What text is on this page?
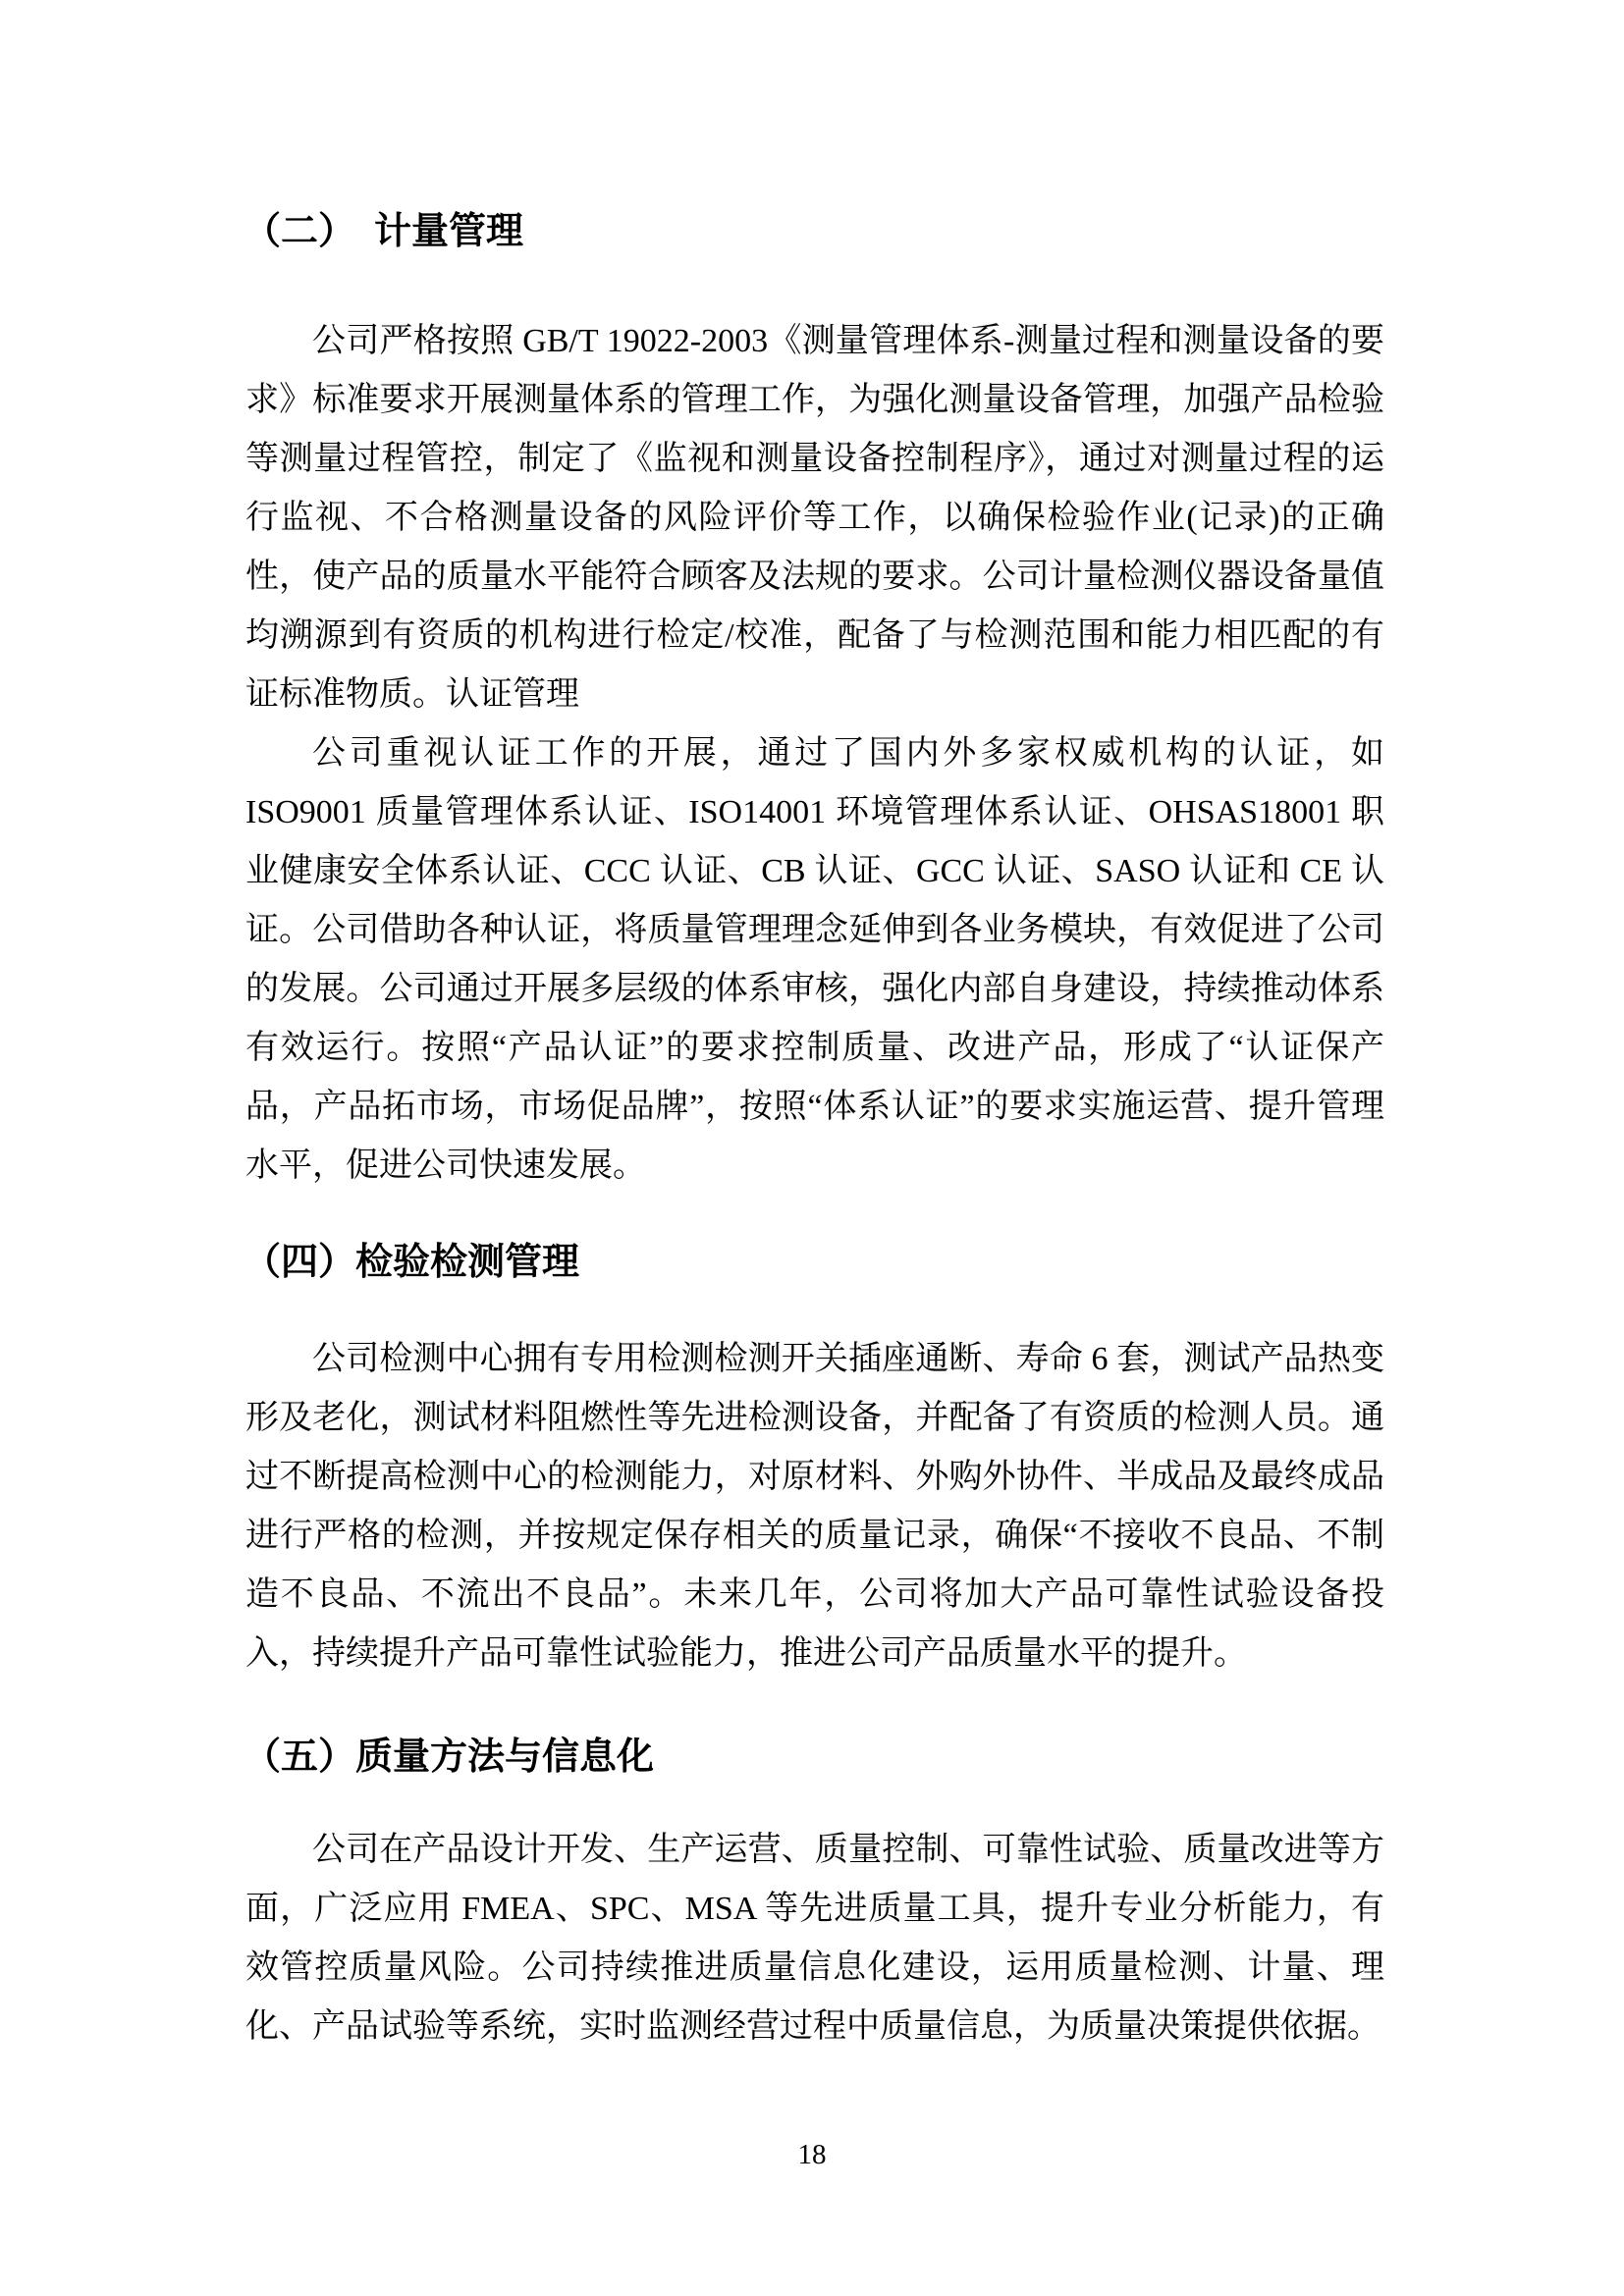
（二）　计量管理

公司严格按照 GB/T 19022-2003《测量管理体系-测量过程和测量设备的要求》标准要求开展测量体系的管理工作，为强化测量设备管理，加强产品检验等测量过程管控，制定了《监视和测量设备控制程序》，通过对测量过程的运行监视、不合格测量设备的风险评价等工作，以确保检验作业(记录)的正确性，使产品的质量水平能符合顾客及法规的要求。公司计量检测仪器设备量值均溯源到有资质的机构进行检定/校准，配备了与检测范围和能力相匹配的有证标准物质。认证管理

公司重视认证工作的开展，通过了国内外多家权威机构的认证，如 ISO9001 质量管理体系认证、ISO14001 环境管理体系认证、OHSAS18001 职业健康安全体系认证、CCC 认证、CB 认证、GCC 认证、SASO 认证和 CE 认证。公司借助各种认证，将质量管理理念延伸到各业务模块，有效促进了公司的发展。公司通过开展多层级的体系审核，强化内部自身建设，持续推动体系有效运行。按照“产品认证”的要求控制质量、改进产品，形成了“认证保产品，产品拓市场，市场促品牌”，按照“体系认证”的要求实施运营、提升管理水平，促进公司快速发展。

（四）检验检测管理

公司检测中心拥有专用检测检测开关插座通断、寿命 6 套，测试产品热变形及老化，测试材料阻燃性等先进检测设备，并配备了有资质的检测人员。通过不断提高检测中心的检测能力，对原材料、外购外协件、半成品及最终成品进行严格的检测，并按规定保存相关的质量记录，确保“不接收不良品、不制造不良品、不流出不良品”。未来几年，公司将加大产品可靠性试验设备投入，持续提升产品可靠性试验能力，推进公司产品质量水平的提升。

（五）质量方法与信息化

公司在产品设计开发、生产运营、质量控制、可靠性试验、质量改进等方面，广泛应用 FMEA、SPC、MSA 等先进质量工具，提升专业分析能力，有效管控质量风险。公司持续推进质量信息化建设，运用质量检测、计量、理化、产品试验等系统，实时监测经营过程中质量信息，为质量决策提供依据。

18
